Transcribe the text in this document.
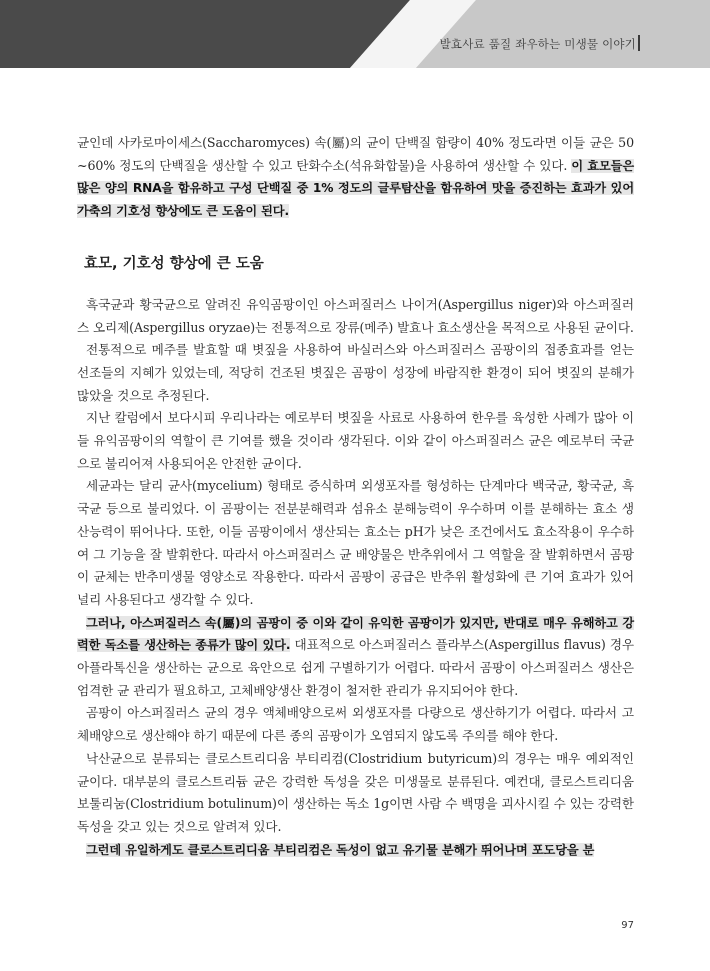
발효사료 품질 좌우하는 미생물 이야기

균인데 사카로마이세스(Saccharomyces) 속(屬)의 균이 단백질 함량이 40% 정도라면 이들 균은 50~60% 정도의 단백질을 생산할 수 있고 탄화수소(석유화합물)을 사용하여 생산할 수 있다. 이 효모들은 많은 양의 RNA을 함유하고 구성 단백질 중 1% 정도의 글루탐산을 함유하여 맛을 증진하는 효과가 있어 가축의 기호성 향상에도 큰 도움이 된다.

효모, 기호성 향상에 큰 도움

흑국균과 황국균으로 알려진 유익곰팡이인 아스퍼질러스 나이거(Aspergillus niger)와 아스퍼질러스 오리제(Aspergillus oryzae)는 전통적으로 장류(메주) 발효나 효소생산을 목적으로 사용된 균이다.

전통적으로 메주를 발효할 때 볏짚을 사용하여 바실러스와 아스퍼질러스 곰팡이의 접종효과를 얻는 선조들의 지혜가 있었는데, 적당히 건조된 볏짚은 곰팡이 성장에 바람직한 환경이 되어 볏짚의 분해가 많았을 것으로 추정된다.

지난 칼럼에서 보다시피 우리나라는 예로부터 볏짚을 사료로 사용하여 한우를 육성한 사례가 많아 이들 유익곰팡이의 역할이 큰 기여를 했을 것이라 생각된다. 이와 같이 아스퍼질러스 균은 예로부터 국균으로 불리어져 사용되어온 안전한 균이다.

세균과는 달리 균사(mycelium) 형태로 증식하며 외생포자를 형성하는 단계마다 백국균, 황국균, 흑국균 등으로 불리었다. 이 곰팡이는 전분분해력과 섬유소 분해능력이 우수하며 이를 분해하는 효소 생산능력이 뛰어나다. 또한, 이들 곰팡이에서 생산되는 효소는 pH가 낮은 조건에서도 효소작용이 우수하여 그 기능을 잘 발휘한다. 따라서 아스퍼질러스 균 배양물은 반추위에서 그 역할을 잘 발휘하면서 곰팡이 균체는 반추미생물 영양소로 작용한다. 따라서 곰팡이 공급은 반추위 활성화에 큰 기여 효과가 있어 널리 사용된다고 생각할 수 있다.

그러나, 아스퍼질러스 속(屬)의 곰팡이 중 이와 같이 유익한 곰팡이가 있지만, 반대로 매우 유해하고 강력한 독소를 생산하는 종류가 많이 있다. 대표적으로 아스퍼질러스 플라부스(Aspergillus flavus) 경우 아플라톡신을 생산하는 균으로 육안으로 쉽게 구별하기가 어렵다. 따라서 곰팡이 아스퍼질러스 생산은 엄격한 균 관리가 필요하고, 고체배양생산 환경이 철저한 관리가 유지되어야 한다.

곰팡이 아스퍼질러스 균의 경우 액체배양으로써 외생포자를 다량으로 생산하기가 어렵다. 따라서 고체배양으로 생산해야 하기 때문에 다른 종의 곰팡이가 오염되지 않도록 주의를 해야 한다.

낙산균으로 분류되는 클로스트리디움 부티리컴(Clostridium butyricum)의 경우는 매우 예외적인 균이다. 대부분의 클로스트리듐 균은 강력한 독성을 갖은 미생물로 분류된다. 예컨대, 클로스트리디움 보툴리눔(Clostridium botulinum)이 생산하는 독소 1g이면 사람 수 백명을 괴사시킬 수 있는 강력한 독성을 갖고 있는 것으로 알려져 있다.

그런데 유일하게도 클로스트리디움 부티리컴은 독성이 없고 유기물 분해가 뛰어나며 포도당을 분

97
